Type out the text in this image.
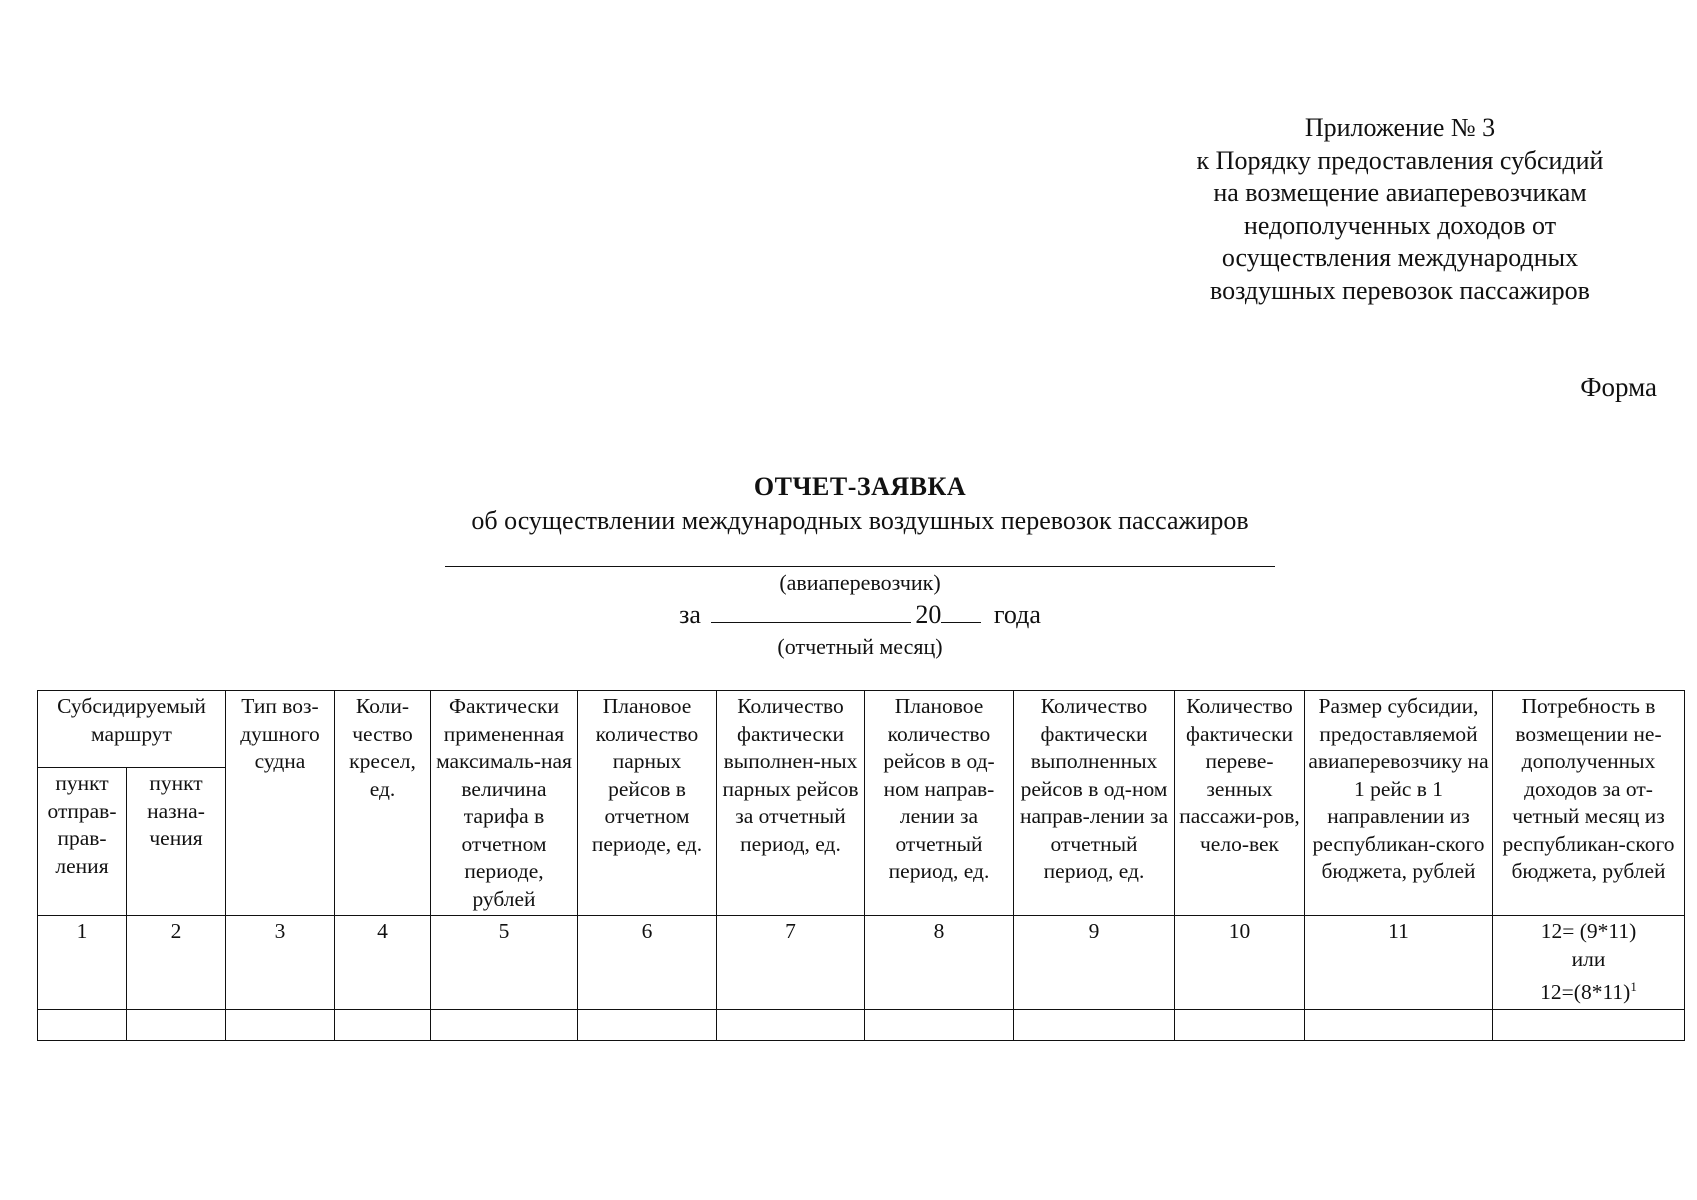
Приложение № 3
к Порядку предоставления субсидий
на возмещение авиаперевозчикам
недополученных доходов от
осуществления международных
воздушных перевозок пассажиров
Форма
ОТЧЕТ-ЗАЯВКА
об осуществлении международных воздушных перевозок пассажиров
(авиаперевозчик)
за	20 года
(отчетный месяц)
Субсидируемый маршрут		Тип воз-душного судна	Коли-чество кресел, ед.	Фактически примененная максималь-ная величина тарифа в отчетном периоде, рублей	Плановое количество парных рейсов в отчетном периоде, ед.	Количество фактически выполнен-ных парных рейсов за отчетный период, ед.	Плановое количество рейсов в од-ном направ-лении за отчетный период, ед.	Количество фактически выполненных рейсов в од-ном направ-лении за отчетный период, ед.	Количество фактически переве-зенных пассажи-ров, чело-век	Размер субсидии, предоставляемой авиаперевозчику на 1 рейс в 1 направлении из республикан-ского бюджета, рублей	Потребность в возмещении не-дополученных доходов за от-четный месяц из республикан-ского бюджета, рублей
пункт отправ-прав-ления	пункт назна-чения										
1	2	3	4	5	6	7	8	9	10	11	12= (9*11)
или
$12=(8*11)^1$
